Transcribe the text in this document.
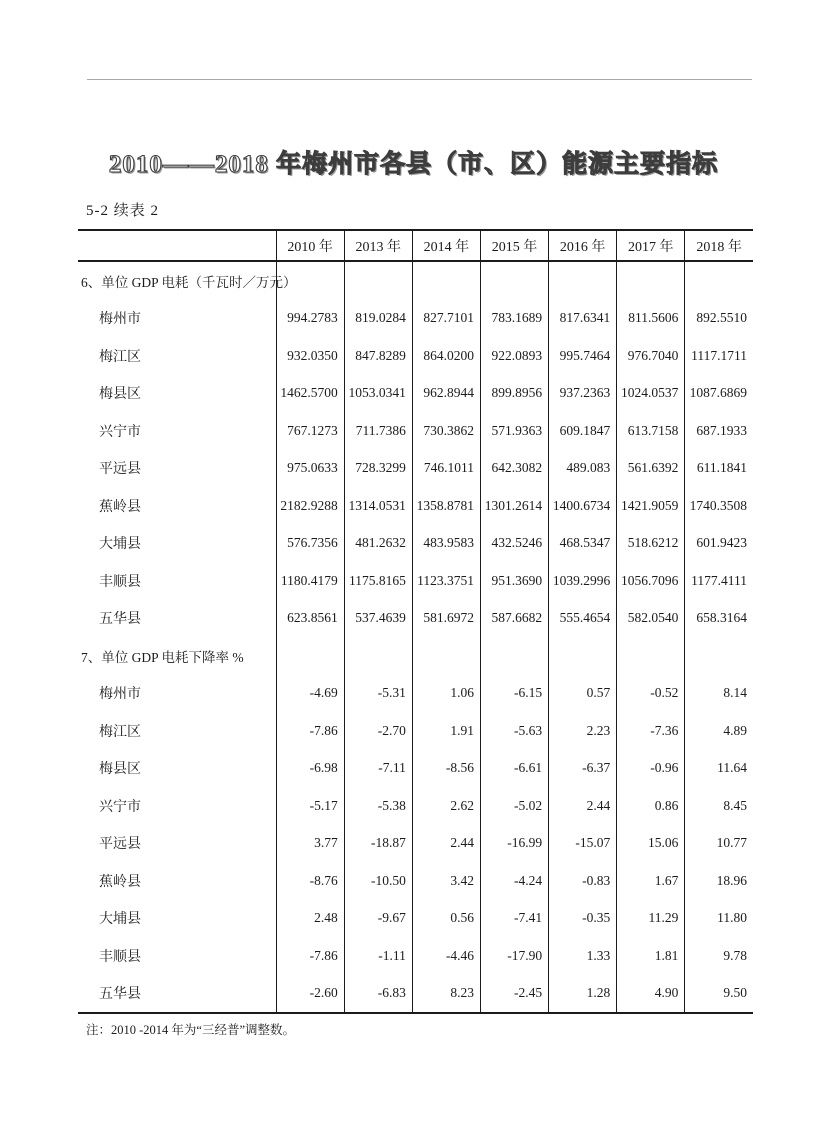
2010——2018 年梅州市各县（市、区）能源主要指标
5-2 续表 2
	2010 年	2013 年	2014 年	2015 年	2016 年	2017 年	2018 年
6、单位 GDP 电耗（千瓦时／万元）							
梅州市	994.2783	819.0284	827.7101	783.1689	817.6341	811.5606	892.5510
梅江区	932.0350	847.8289	864.0200	922.0893	995.7464	976.7040	1117.1711
梅县区	1462.5700	1053.0341	962.8944	899.8956	937.2363	1024.0537	1087.6869
兴宁市	767.1273	711.7386	730.3862	571.9363	609.1847	613.7158	687.1933
平远县	975.0633	728.3299	746.1011	642.3082	489.083	561.6392	611.1841
蕉岭县	2182.9288	1314.0531	1358.8781	1301.2614	1400.6734	1421.9059	1740.3508
大埔县	576.7356	481.2632	483.9583	432.5246	468.5347	518.6212	601.9423
丰顺县	1180.4179	1175.8165	1123.3751	951.3690	1039.2996	1056.7096	1177.4111
五华县	623.8561	537.4639	581.6972	587.6682	555.4654	582.0540	658.3164
7、单位 GDP 电耗下降率 %							
梅州市	-4.69	-5.31	1.06	-6.15	0.57	-0.52	8.14
梅江区	-7.86	-2.70	1.91	-5.63	2.23	-7.36	4.89
梅县区	-6.98	-7.11	-8.56	-6.61	-6.37	-0.96	11.64
兴宁市	-5.17	-5.38	2.62	-5.02	2.44	0.86	8.45
平远县	3.77	-18.87	2.44	-16.99	-15.07	15.06	10.77
蕉岭县	-8.76	-10.50	3.42	-4.24	-0.83	1.67	18.96
大埔县	2.48	-9.67	0.56	-7.41	-0.35	11.29	11.80
丰顺县	-7.86	-1.11	-4.46	-17.90	1.33	1.81	9.78
五华县	-2.60	-6.83	8.23	-2.45	1.28	4.90	9.50
注：2010 -2014 年为“三经普”调整数。
